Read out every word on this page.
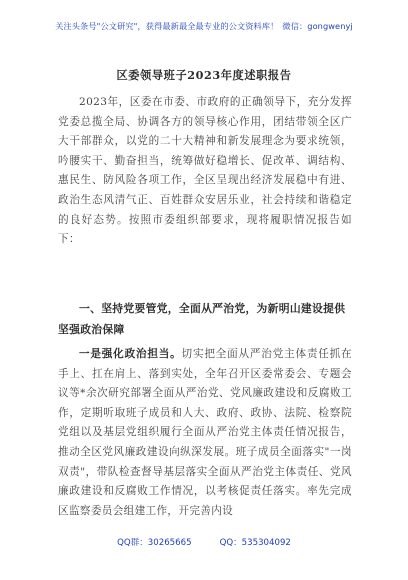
关注头条号"公文研究"，获得最新最全最专业的公文资料库！ 微信：gongwenyj
区委领导班子2023年度述职报告
2023年，区委在市委、市政府的正确领导下，充分发挥党委总揽全局、协调各方的领导核心作用，团结带领全区广大干部群众，以党的二十大精神和新发展理念为要求统领，吟腰实干、勤奋担当，统筹做好稳增长、促改革、调结构、惠民生、防风险各项工作，全区呈现出经济发展稳中有进、政治生态风清气正、百姓群众安居乐业，社会持续和谐稳定的良好态势。按照市委组织部要求，现将履职情况报告如下：
一、坚持党要管党，全面从严治党，为新明山建设提供坚强政治保障
一是强化政治担当。切实把全面从严治党主体责任抓在手上、扛在肩上、落到实处，全年召开区委常委会、专题会议等*余次研究部署全面从严治党、党风廉政建设和反腐败工作，定期听取班子成员和人大、政府、政协、法院、检察院党组以及基层党组织履行全面从严治党主体责任情况报告，推动全区党风廉政建设向纵深发展。班子成员全面落实"一岗双责"，带队检查督导基层落实全面从严治党主体责任、党风廉政建设和反腐败工作情况，以考核促责任落实。率先完成区监察委员会组建工作，开完善内设
QQ群：30265665	QQ：535304092
